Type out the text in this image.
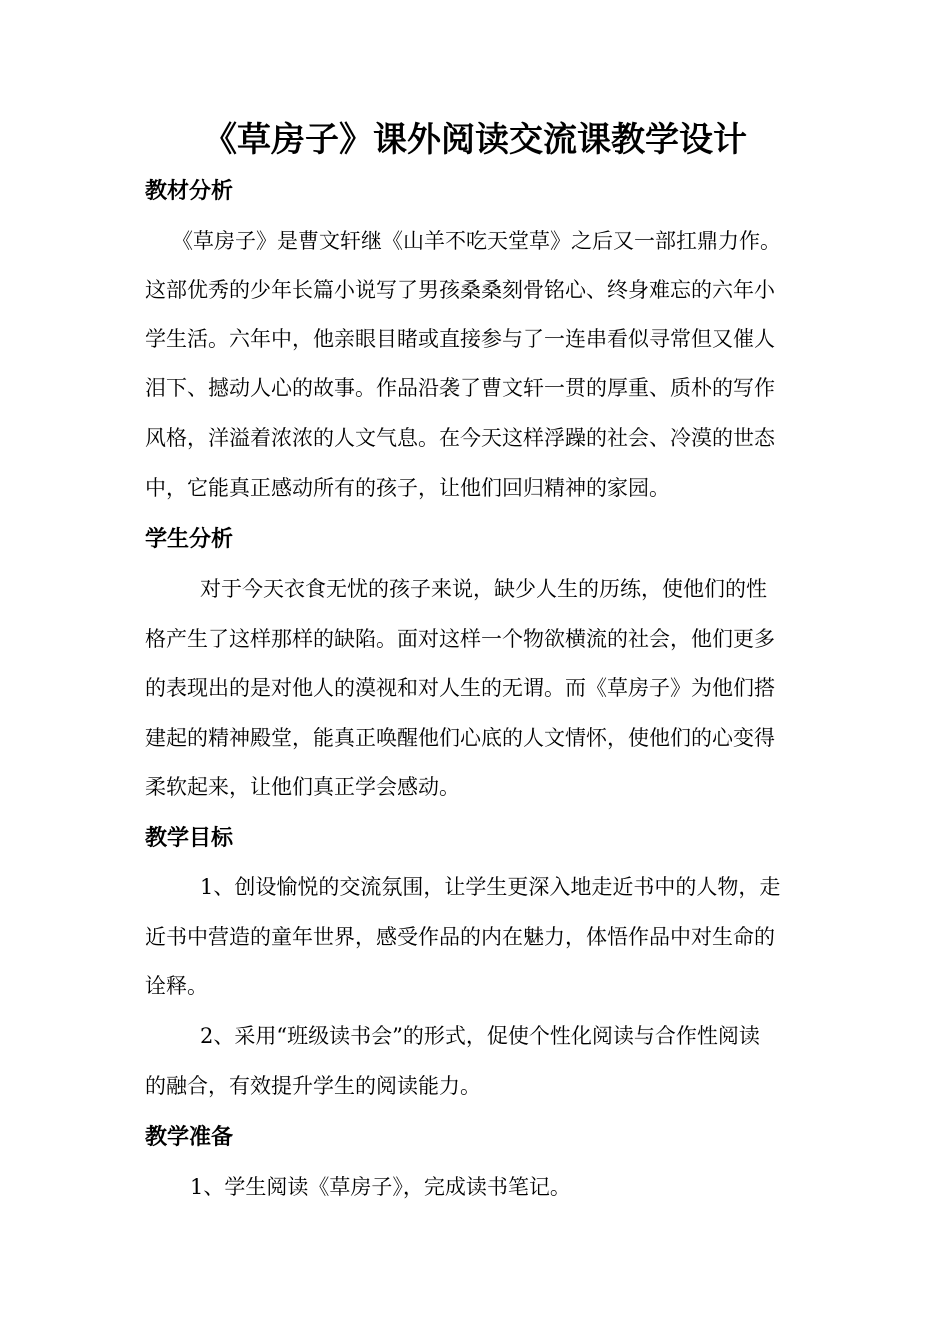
《草房子》课外阅读交流课教学设计
教材分析
《草房子》是曹文轩继《山羊不吃天堂草》之后又一部扛鼎力作。
这部优秀的少年长篇小说写了男孩桑桑刻骨铭心、终身难忘的六年小
学生活。六年中，他亲眼目睹或直接参与了一连串看似寻常但又催人
泪下、撼动人心的故事。作品沿袭了曹文轩一贯的厚重、质朴的写作
风格，洋溢着浓浓的人文气息。在今天这样浮躁的社会、冷漠的世态
中，它能真正感动所有的孩子，让他们回归精神的家园。
学生分析
对于今天衣食无忧的孩子来说，缺少人生的历练，使他们的性
格产生了这样那样的缺陷。面对这样一个物欲横流的社会，他们更多
的表现出的是对他人的漠视和对人生的无谓。而《草房子》为他们搭
建起的精神殿堂，能真正唤醒他们心底的人文情怀，使他们的心变得
柔软起来，让他们真正学会感动。
教学目标
1、创设愉悦的交流氛围，让学生更深入地走近书中的人物，走
近书中营造的童年世界，感受作品的内在魅力，体悟作品中对生命的
诠释。
2、采用“班级读书会”的形式，促使个性化阅读与合作性阅读
的融合，有效提升学生的阅读能力。
教学准备
1、学生阅读《草房子》，完成读书笔记。
